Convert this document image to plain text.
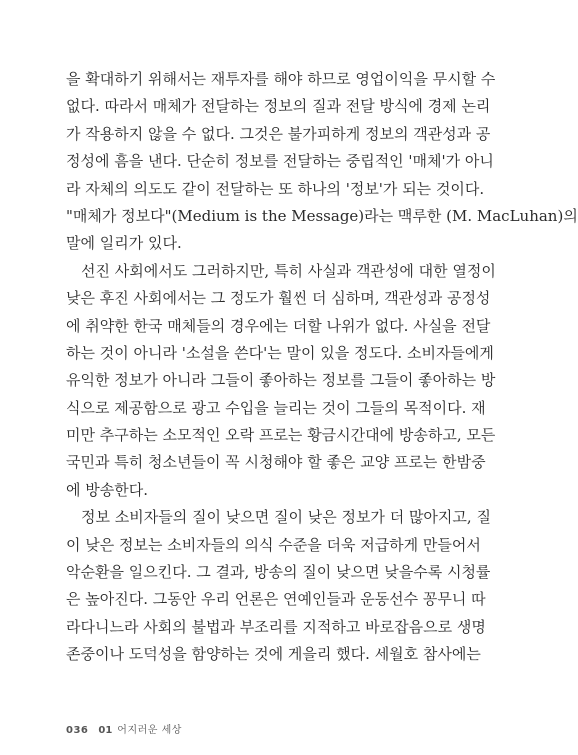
을 확대하기 위해서는 재투자를 해야 하므로 영업이익을 무시할 수
없다. 따라서 매체가 전달하는 정보의 질과 전달 방식에 경제 논리
가 작용하지 않을 수 없다. 그것은 불가피하게 정보의 객관성과 공
정성에 흠을 낸다. 단순히 정보를 전달하는 중립적인 '매체'가 아니
라 자체의 의도도 같이 전달하는 또 하나의 '정보'가 되는 것이다.
"매체가 정보다"(Medium is the Message)라는 맥루한 (M. MacLuhan)의
말에 일리가 있다.
선진 사회에서도 그러하지만, 특히 사실과 객관성에 대한 열정이
낮은 후진 사회에서는 그 정도가 훨씬 더 심하며, 객관성과 공정성
에 취약한 한국 매체들의 경우에는 더할 나위가 없다. 사실을 전달
하는 것이 아니라 '소설을 쓴다'는 말이 있을 정도다. 소비자들에게
유익한 정보가 아니라 그들이 좋아하는 정보를 그들이 좋아하는 방
식으로 제공함으로 광고 수입을 늘리는 것이 그들의 목적이다. 재
미만 추구하는 소모적인 오락 프로는 황금시간대에 방송하고, 모든
국민과 특히 청소년들이 꼭 시청해야 할 좋은 교양 프로는 한밤중
에 방송한다.
정보 소비자들의 질이 낮으면 질이 낮은 정보가 더 많아지고, 질
이 낮은 정보는 소비자들의 의식 수준을 더욱 저급하게 만들어서
악순환을 일으킨다. 그 결과, 방송의 질이 낮으면 낮을수록 시청률
은 높아진다. 그동안 우리 언론은 연예인들과 운동선수 꽁무니 따
라다니느라 사회의 불법과 부조리를 지적하고 바로잡음으로 생명
존중이나 도덕성을 함양하는 것에 게을리 했다. 세월호 참사에는
036 01 어지러운 세상
